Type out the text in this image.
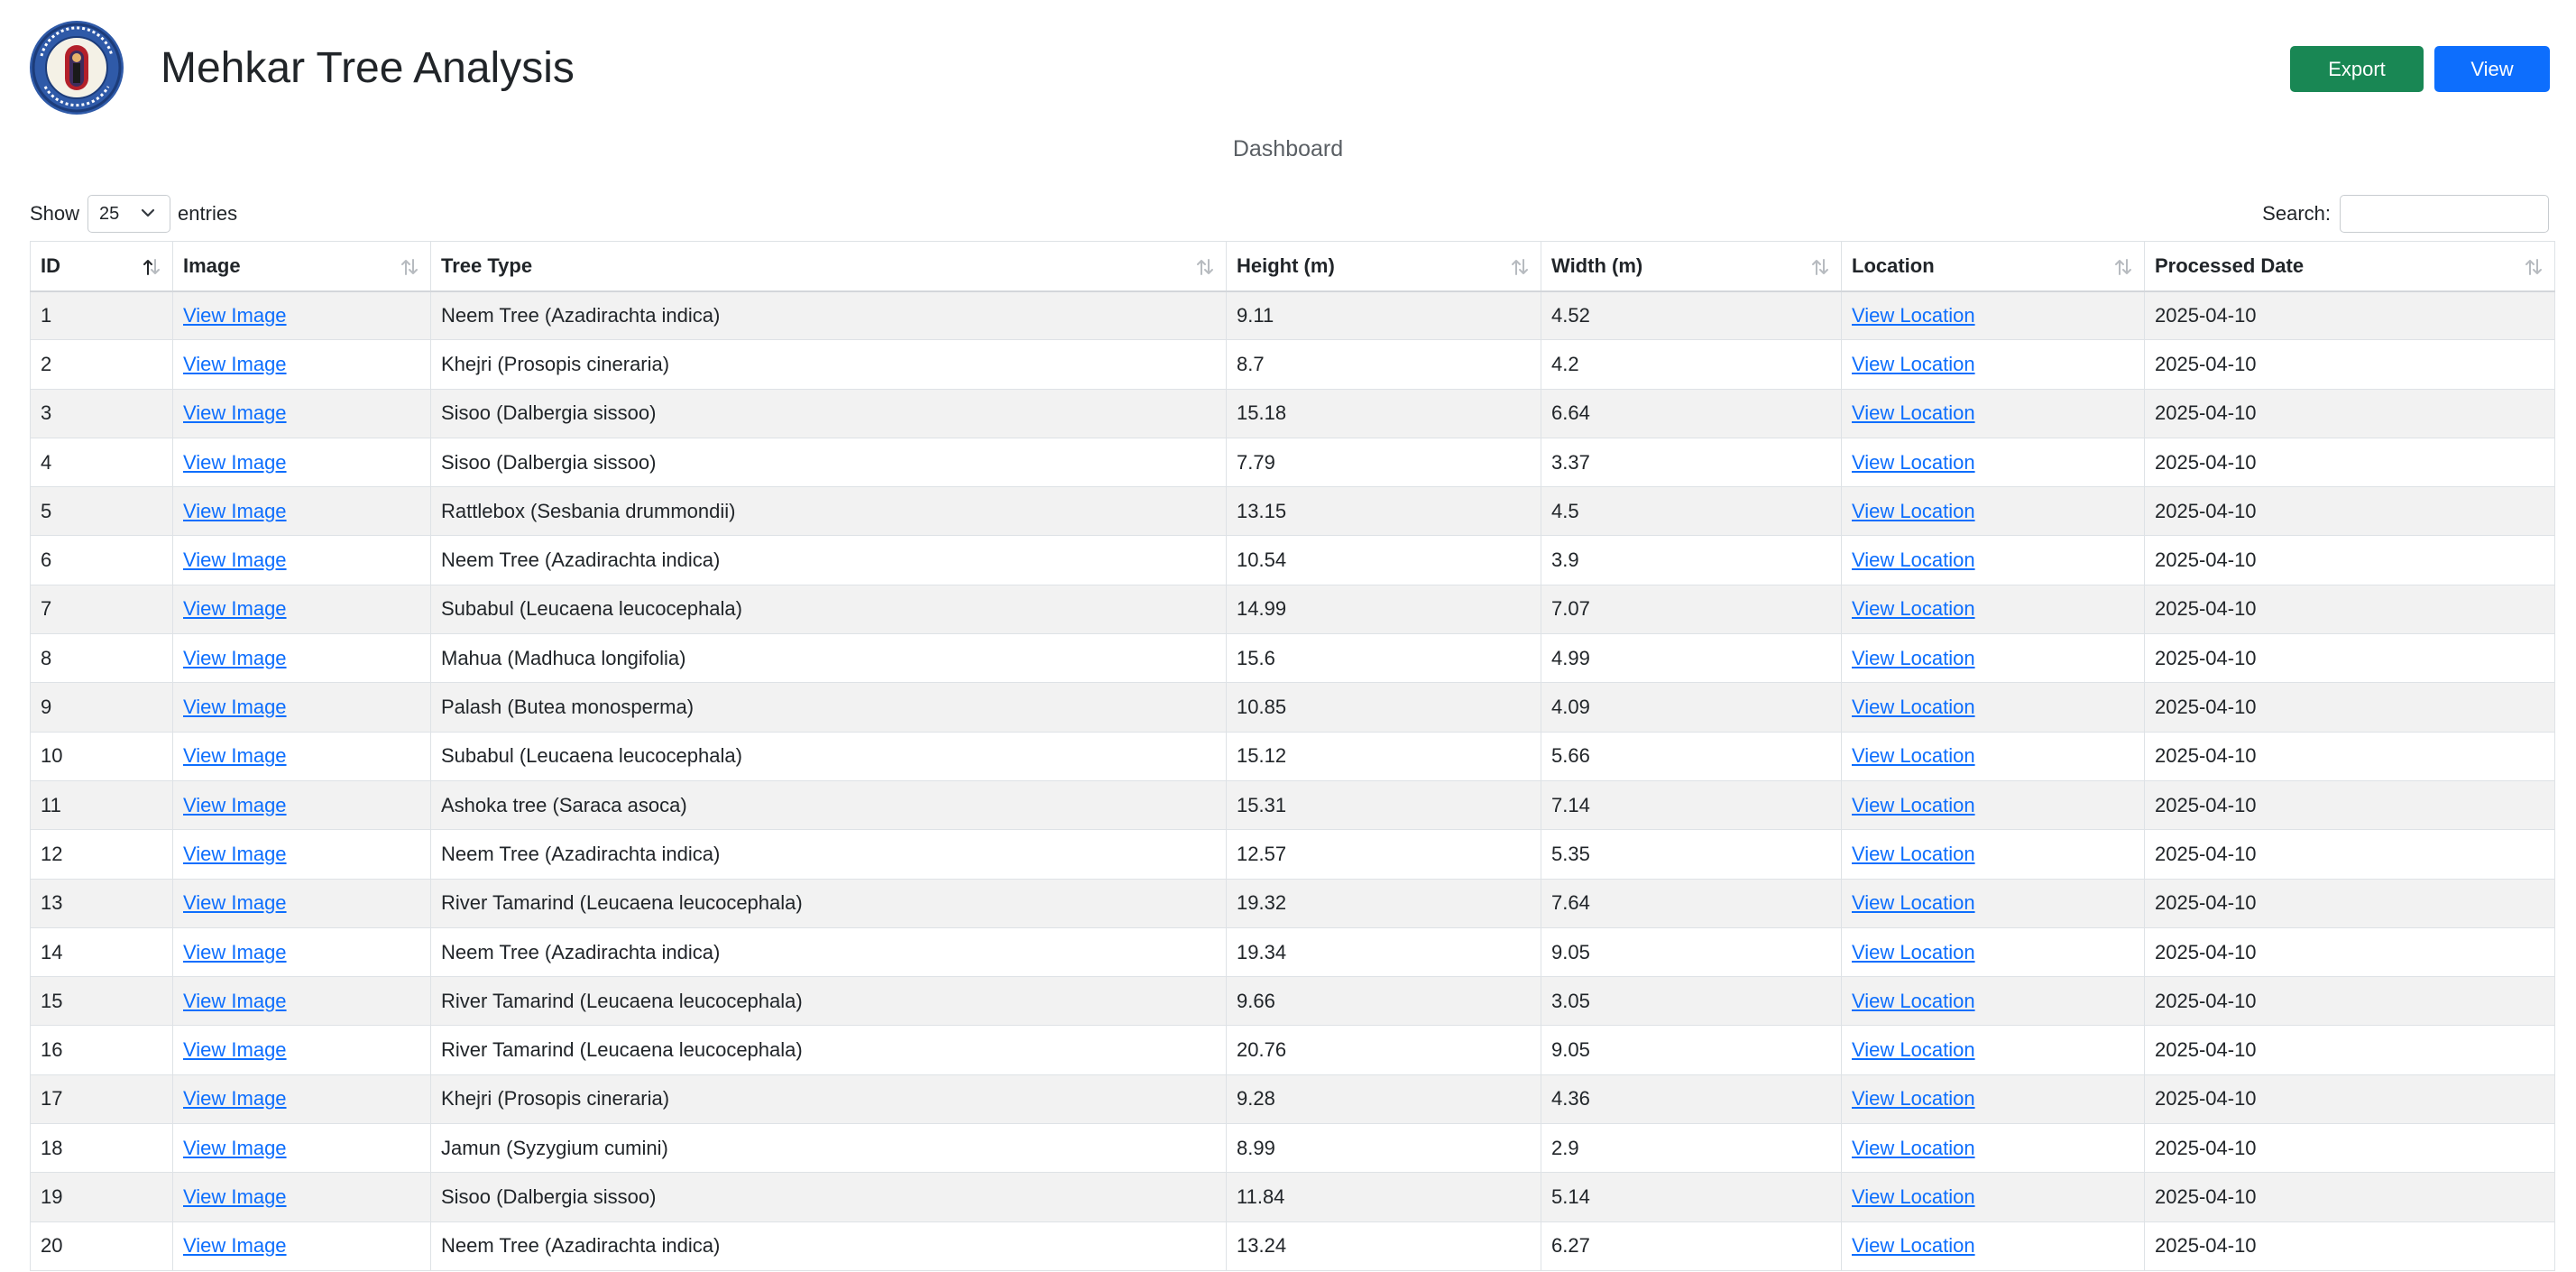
Mehkar Tree Analysis	Export Data
View Map
Dashboard
Show	25	entries	Search:
ID	Image	Tree Type	Height (m)	Width (m)	Location	Processed Date

1	View Image	Neem Tree (Azadirachta indica)	9.11	4.52	View Location	2025-04-10
2	View Image	Khejri (Prosopis cineraria)	8.7	4.2	View Location	2025-04-10
3	View Image	Sisoo (Dalbergia sissoo)	15.18	6.64	View Location	2025-04-10
4	View Image	Sisoo (Dalbergia sissoo)	7.79	3.37	View Location	2025-04-10
5	View Image	Rattlebox (Sesbania drummondii)	13.15	4.5	View Location	2025-04-10
6	View Image	Neem Tree (Azadirachta indica)	10.54	3.9	View Location	2025-04-10
7	View Image	Subabul (Leucaena leucocephala)	14.99	7.07	View Location	2025-04-10
8	View Image	Mahua (Madhuca longifolia)	15.6	4.99	View Location	2025-04-10
9	View Image	Palash (Butea monosperma)	10.85	4.09	View Location	2025-04-10
10	View Image	Subabul (Leucaena leucocephala)	15.12	5.66	View Location	2025-04-10
11	View Image	Ashoka tree (Saraca asoca)	15.31	7.14	View Location	2025-04-10
12	View Image	Neem Tree (Azadirachta indica)	12.57	5.35	View Location	2025-04-10
13	View Image	River Tamarind (Leucaena leucocephala)	19.32	7.64	View Location	2025-04-10
14	View Image	Neem Tree (Azadirachta indica)	19.34	9.05	View Location	2025-04-10
15	View Image	River Tamarind (Leucaena leucocephala)	9.66	3.05	View Location	2025-04-10
16	View Image	River Tamarind (Leucaena leucocephala)	20.76	9.05	View Location	2025-04-10
17	View Image	Khejri (Prosopis cineraria)	9.28	4.36	View Location	2025-04-10
18	View Image	Jamun (Syzygium cumini)	8.99	2.9	View Location	2025-04-10
19	View Image	Sisoo (Dalbergia sissoo)	11.84	5.14	View Location	2025-04-10
20	View Image	Neem Tree (Azadirachta indica)	13.24	6.27	View Location	2025-04-10
